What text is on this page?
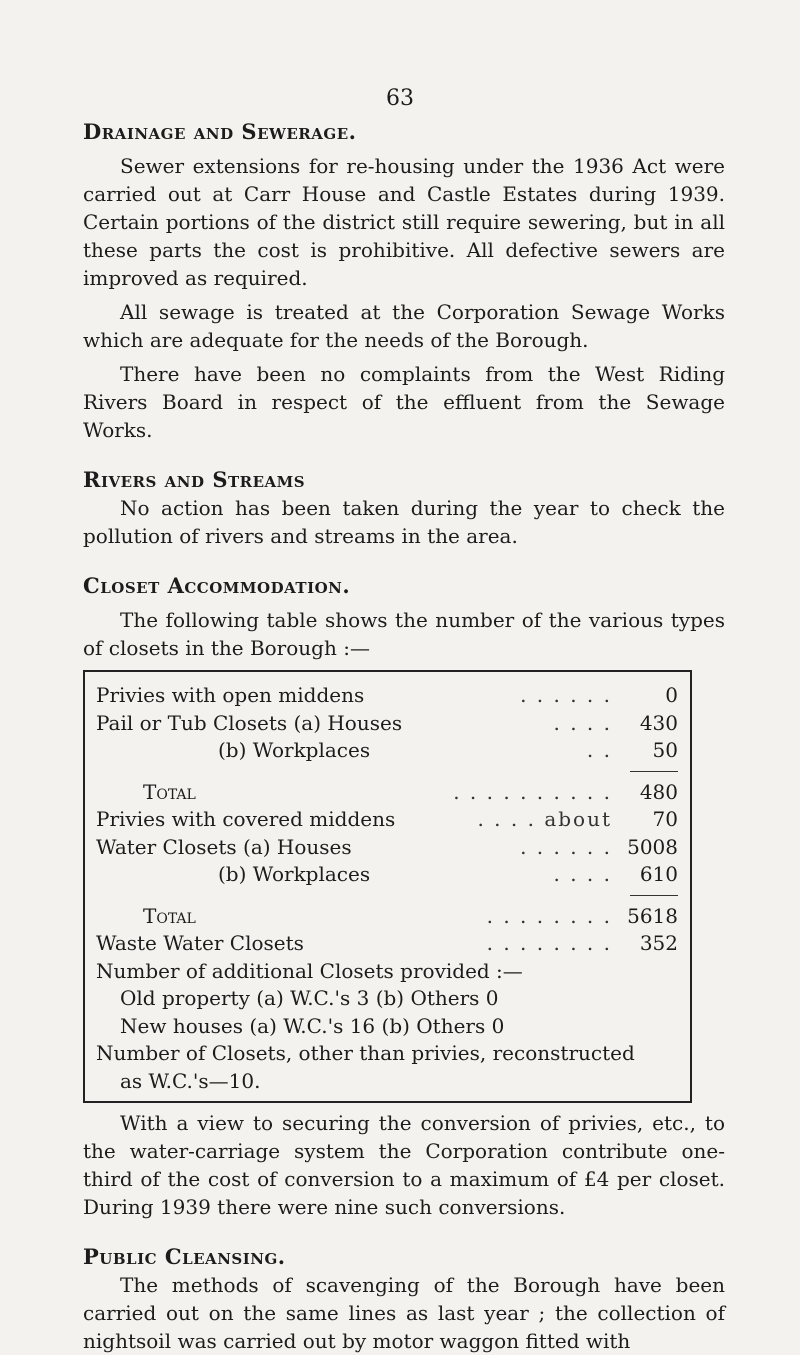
63
Drainage and Sewerage.

Sewer extensions for re-housing under the 1936 Act were carried out at Carr House and Castle Estates during 1939. Certain portions of the district still require sewering, but in all these parts the cost is prohibitive. All defective sewers are improved as required.

All sewage is treated at the Corporation Sewage Works which are adequate for the needs of the Borough.

There have been no complaints from the West Riding Rivers Board in respect of the effluent from the Sewage Works.

Rivers and Streams

No action has been taken during the year to check the pollution of rivers and streams in the area.

Closet Accommodation.

The following table shows the number of the various types of closets in the Borough :—

Privies with open middens	. . . . . .	0
Pail or Tub Closets (a) Houses	. . . .	430
(b) Workplaces	. .	50
Total	. . . . . . . . . .	480
Privies with covered middens	. . . . about	70
Water Closets (a) Houses	. . . . . . 5008
(b) Workplaces	. . . .	610
Total	. . . . . . . . 5618
Waste Water Closets	. . . . . . . .	352
Number of additional Closets provided :—
Old property (a) W.C.'s 3 (b) Others 0
New houses (a) W.C.'s 16 (b) Others 0
Number of Closets, other than privies, reconstructed
as W.C.'s—10.

With a view to securing the conversion of privies, etc., to the water-carriage system the Corporation contribute one-third of the cost of conversion to a maximum of £4 per closet. During 1939 there were nine such conversions.

Public Cleansing.

The methods of scavenging of the Borough have been carried out on the same lines as last year ; the collection of nightsoil was carried out by motor waggon fitted with
